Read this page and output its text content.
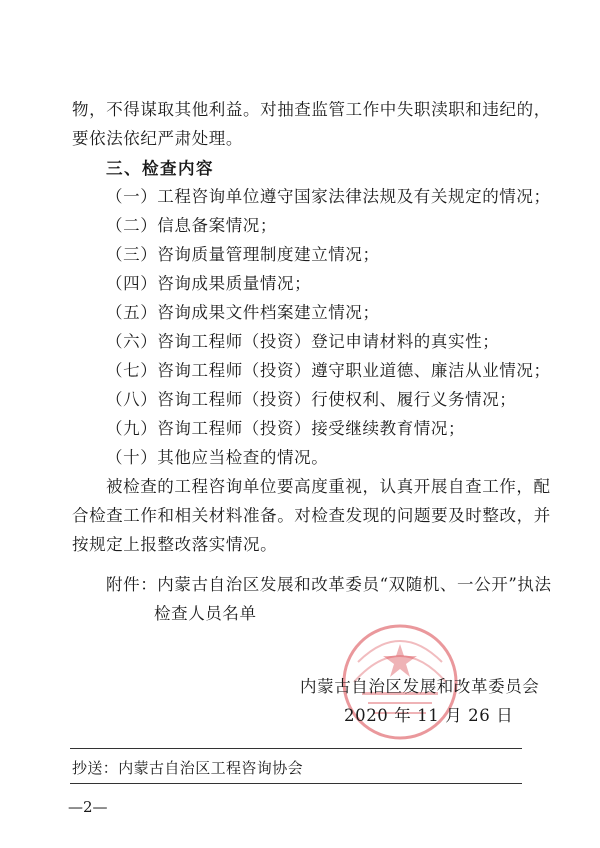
物，不得谋取其他利益。对抽查监管工作中失职渎职和违纪的，
要依法依纪严肃处理。
三、检查内容
（一）工程咨询单位遵守国家法律法规及有关规定的情况；
（二）信息备案情况；
（三）咨询质量管理制度建立情况；
（四）咨询成果质量情况；
（五）咨询成果文件档案建立情况；
（六）咨询工程师（投资）登记申请材料的真实性；
（七）咨询工程师（投资）遵守职业道德、廉洁从业情况；
（八）咨询工程师（投资）行使权利、履行义务情况；
（九）咨询工程师（投资）接受继续教育情况；
（十）其他应当检查的情况。
被检查的工程咨询单位要高度重视，认真开展自查工作，配
合检查工作和相关材料准备。对检查发现的问题要及时整改，并
按规定上报整改落实情况。
附件：内蒙古自治区发展和改革委员“双随机、一公开”执法
检查人员名单
内蒙古自治区发展和改革委员会
2020 年 11 月 26 日
抄送：内蒙古自治区工程咨询协会
—2—
